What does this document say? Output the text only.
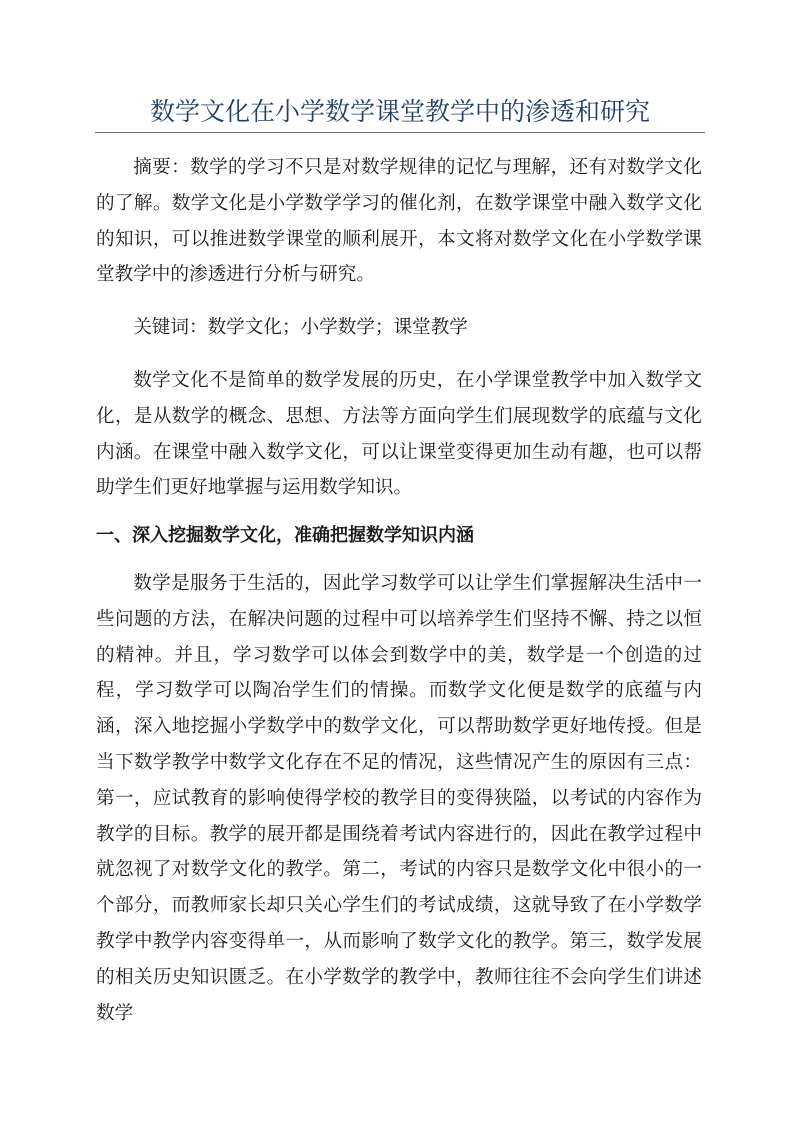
数学文化在小学数学课堂教学中的渗透和研究

摘要：数学的学习不只是对数学规律的记忆与理解，还有对数学文化的了解。数学文化是小学数学学习的催化剂，在数学课堂中融入数学文化的知识，可以推进数学课堂的顺利展开，本文将对数学文化在小学数学课堂教学中的渗透进行分析与研究。

关键词：数学文化；小学数学；课堂教学

数学文化不是简单的数学发展的历史，在小学课堂教学中加入数学文化，是从数学的概念、思想、方法等方面向学生们展现数学的底蕴与文化内涵。在课堂中融入数学文化，可以让课堂变得更加生动有趣，也可以帮助学生们更好地掌握与运用数学知识。

一、深入挖掘数学文化，准确把握数学知识内涵

数学是服务于生活的，因此学习数学可以让学生们掌握解决生活中一些问题的方法，在解决问题的过程中可以培养学生们坚持不懈、持之以恒的精神。并且，学习数学可以体会到数学中的美，数学是一个创造的过程，学习数学可以陶冶学生们的情操。而数学文化便是数学的底蕴与内涵，深入地挖掘小学数学中的数学文化，可以帮助数学更好地传授。但是当下数学教学中数学文化存在不足的情况，这些情况产生的原因有三点：第一，应试教育的影响使得学校的教学目的变得狭隘，以考试的内容作为教学的目标。教学的展开都是围绕着考试内容进行的，因此在教学过程中就忽视了对数学文化的教学。第二，考试的内容只是数学文化中很小的一个部分，而教师家长却只关心学生们的考试成绩，这就导致了在小学数学教学中教学内容变得单一，从而影响了数学文化的教学。第三，数学发展的相关历史知识匮乏。在小学数学的教学中，教师往往不会向学生们讲述数学
